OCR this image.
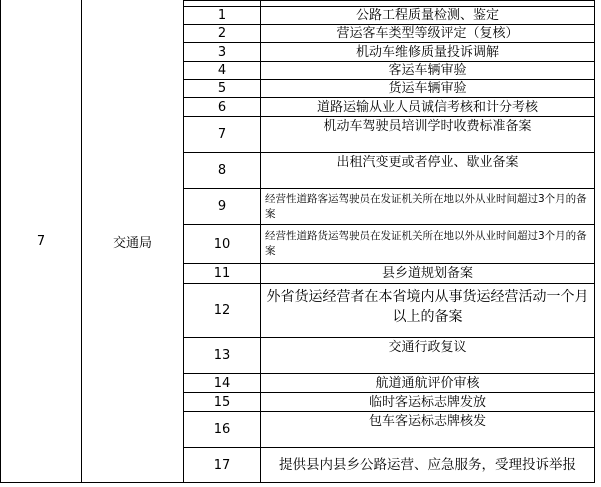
7	交通局
1
2
3
4
5
6
7
8
9
10
11
12
13
14
15
16
17
公路工程质量检测、鉴定
营运客车类型等级评定（复核）
机动车维修质量投诉调解
客运车辆审验
货运车辆审验
道路运输从业人员诚信考核和计分考核
机动车驾驶员培训学时收费标准备案
出租汽变更或者停业、歇业备案
经营性道路客运驾驶员在发证机关所在地以外从业时间超过3个月的备案
经营性道路货运驾驶员在发证机关所在地以外从业时间超过3个月的备案
县乡道规划备案
外省货运经营者在本省境内从事货运经营活动一个月以上的备案
交通行政复议
航道通航评价审核
临时客运标志牌发放
包车客运标志牌核发
提供县内县乡公路运营、应急服务，受理投诉举报
